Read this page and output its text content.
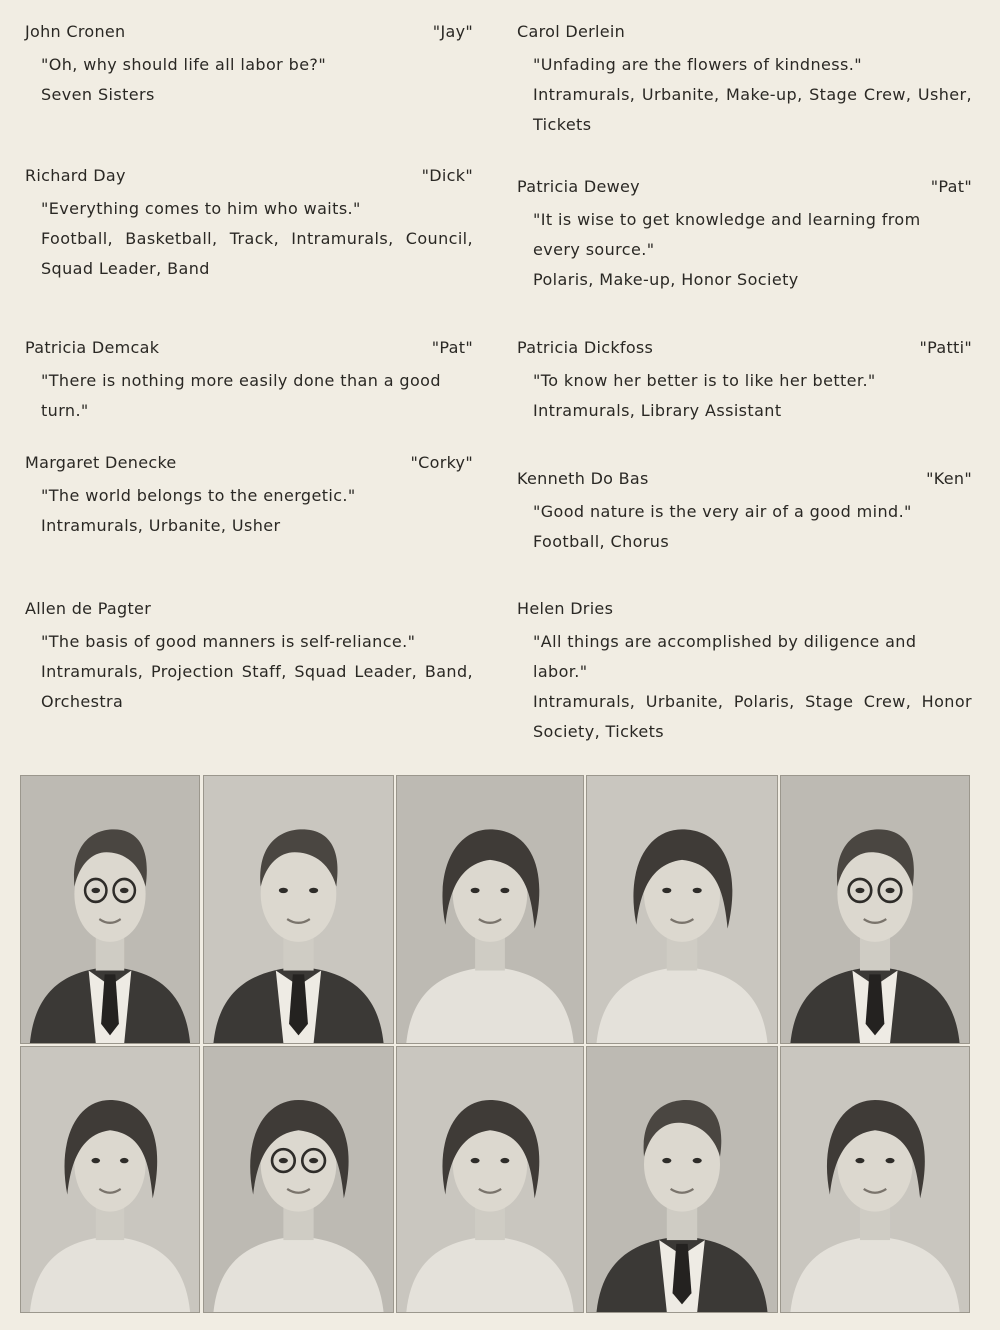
John Cronen	"Jay"
"Oh, why should life all labor be?"
Seven Sisters
Richard Day	"Dick"
"Everything comes to him who waits."
Football, Basketball, Track, Intramurals, Council, Squad Leader, Band
Patricia Demcak	"Pat"
"There is nothing more easily done than a good turn."
Margaret Denecke	"Corky"
"The world belongs to the energetic."
Intramurals, Urbanite, Usher
Allen de Pagter
"The basis of good manners is self-reliance."
Intramurals, Projection Staff, Squad Leader, Band, Orchestra
Carol Derlein
"Unfading are the flowers of kindness."
Intramurals, Urbanite, Make-up, Stage Crew, Usher, Tickets
Patricia Dewey	"Pat"
"It is wise to get knowledge and learning from every source."
Polaris, Make-up, Honor Society
Patricia Dickfoss	"Patti"
"To know her better is to like her better."
Intramurals, Library Assistant
Kenneth Do Bas	"Ken"
"Good nature is the very air of a good mind."
Football, Chorus
Helen Dries
"All things are accomplished by diligence and labor."
Intramurals, Urbanite, Polaris, Stage Crew, Honor Society, Tickets
